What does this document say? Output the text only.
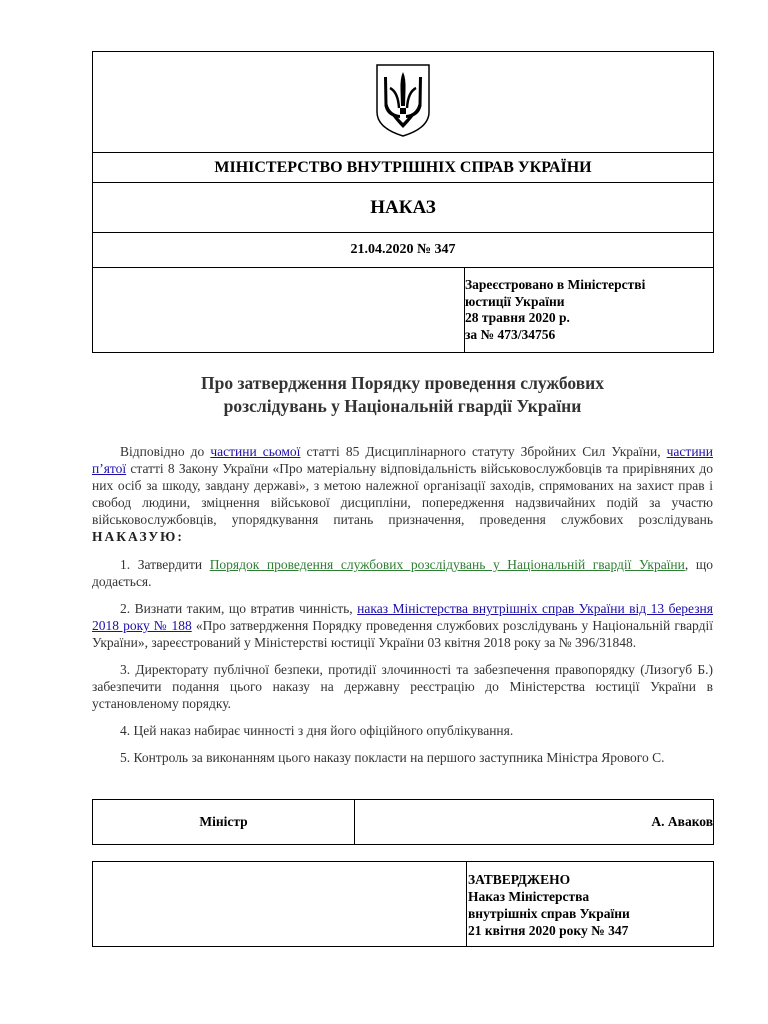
МІНІСТЕРСТВО ВНУТРІШНІХ СПРАВ УКРАЇНИ
НАКАЗ
21.04.2020 № 347

Зареєстровано в Міністерстві
юстиції України
28 травня 2020 р.
за № 473/34756
Про затвердження Порядку проведення службових
розслідувань у Національній гвардії України

Відповідно до частини сьомої статті 85 Дисциплінарного статуту Збройних Сил України, частини п’ятої статті 8 Закону України «Про матеріальну відповідальність військовослужбовців та прирівняних до них осіб за шкоду, завдану державі», з метою належної організації заходів, спрямованих на захист прав і свобод людини, зміцнення військової дисципліни, попередження надзвичайних подій за участю військовослужбовців, упорядкування питань призначення, проведення службових розслідувань НАКАЗУЮ:

1. Затвердити Порядок проведення службових розслідувань у Національній гвардії України, що додається.

2. Визнати таким, що втратив чинність, наказ Міністерства внутрішніх справ України від 13 березня 2018 року № 188 «Про затвердження Порядку проведення службових розслідувань у Національній гвардії України», зареєстрований у Міністерстві юстиції України 03 квітня 2018 року за № 396/31848.

3. Директорату публічної безпеки, протидії злочинності та забезпечення правопорядку (Лизогуб Б.) забезпечити подання цього наказу на державну реєстрацію до Міністерства юстиції України в установленому порядку.

4. Цей наказ набирає чинності з дня його офіційного опублікування.

5. Контроль за виконанням цього наказу покласти на першого заступника Міністра Ярового С.

Міністр	А. Аваков

ЗАТВЕРДЖЕНО
Наказ Міністерства
внутрішніх справ України
21 квітня 2020 року № 347
